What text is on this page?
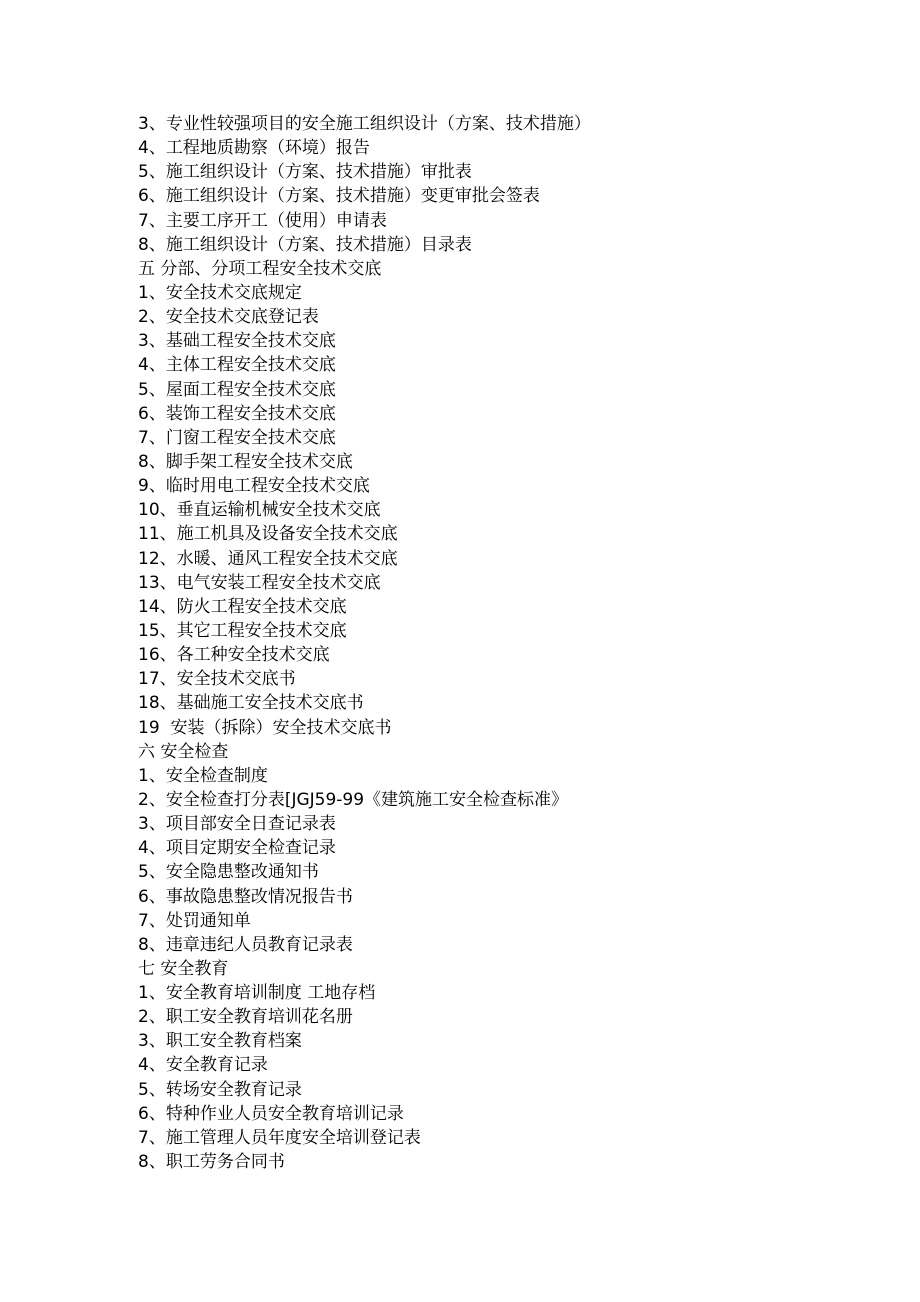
3、专业性较强项目的安全施工组织设计（方案、技术措施）
4、工程地质勘察（环境）报告
5、施工组织设计（方案、技术措施）审批表
6、施工组织设计（方案、技术措施）变更审批会签表
7、主要工序开工（使用）申请表
8、施工组织设计（方案、技术措施）目录表
五 分部、分项工程安全技术交底
1、安全技术交底规定
2、安全技术交底登记表
3、基础工程安全技术交底
4、主体工程安全技术交底
5、屋面工程安全技术交底
6、装饰工程安全技术交底
7、门窗工程安全技术交底
8、脚手架工程安全技术交底
9、临时用电工程安全技术交底
10、垂直运输机械安全技术交底
11、施工机具及设备安全技术交底
12、水暖、通风工程安全技术交底
13、电气安装工程安全技术交底
14、防火工程安全技术交底
15、其它工程安全技术交底
16、各工种安全技术交底
17、安全技术交底书
18、基础施工安全技术交底书
19  安装（拆除）安全技术交底书
六 安全检查
1、安全检查制度
2、安全检查打分表[JGJ59-99《建筑施工安全检查标准》
3、项目部安全日查记录表
4、项目定期安全检查记录
5、安全隐患整改通知书
6、事故隐患整改情况报告书
7、处罚通知单
8、违章违纪人员教育记录表
七 安全教育
1、安全教育培训制度 工地存档
2、职工安全教育培训花名册
3、职工安全教育档案
4、安全教育记录
5、转场安全教育记录
6、特种作业人员安全教育培训记录
7、施工管理人员年度安全培训登记表
8、职工劳务合同书
